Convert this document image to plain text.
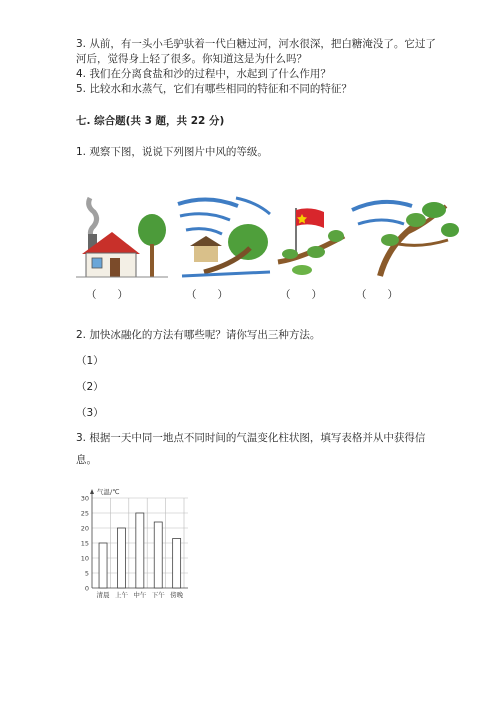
3. 从前，有一头小毛驴驮着一代白糖过河，河水很深，把白糖淹没了。它过了
河后，觉得身上轻了很多。你知道这是为什么吗？
4. 我们在分离食盐和沙的过程中，水起到了什么作用？
5. 比较水和水蒸气，它们有哪些相同的特征和不同的特征？
七. 综合题(共 3 题，共 22 分)
1. 观察下图，说说下列图片中风的等级。
（　　）	（　　）	（　　）	（　　）
2. 加快冰融化的方法有哪些呢？请你写出三种方法。
（1）
（2）
（3）
3. 根据一天中同一地点不同时间的气温变化柱状图，填写表格并从中获得信
息。
0
5
10
15
20
25
30
气温/℃
清晨 上午 中午 下午 傍晚
